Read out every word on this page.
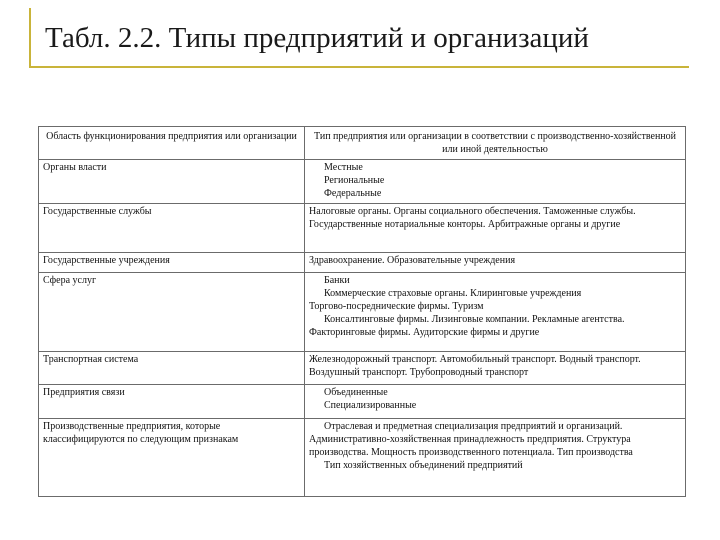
Табл. 2.2. Типы предприятий и организаций
Область функционирования предприятия или организации	Тип предприятия или организации в соответствии с производственно-хозяйственной или иной деятельностью
Органы власти	Местные
Региональные
Федеральные

Государственные службы	Налоговые органы. Органы социального обеспечения. Таможенные службы. Государственные нотариальные конторы. Арбитражные органы и другие

Государственные учреждения	Здравоохранение. Образовательные учреждения

Сфера услуг	Банки
Коммерческие страховые органы. Клиринговые учреждения
Торгово-посреднические фирмы. Туризм
Консалтинговые фирмы. Лизинговые компании. Рекламные агентства. Факторинговые фирмы. Аудиторские фирмы и другие

Транспортная система	Железнодорожный транспорт. Автомобильный транспорт. Водный транспорт. Воздушный транспорт. Трубопроводный транспорт

Предприятия связи	Объединенные
Специализированные

Производственные предприятия, которые классифицируются по следующим признакам	Отраслевая и предметная специализация предприятий и организаций. Административно-хозяйственная принадлежность предприятия. Структура производства. Мощность производственного потенциала. Тип производства
Тип хозяйственных объединений предприятий
